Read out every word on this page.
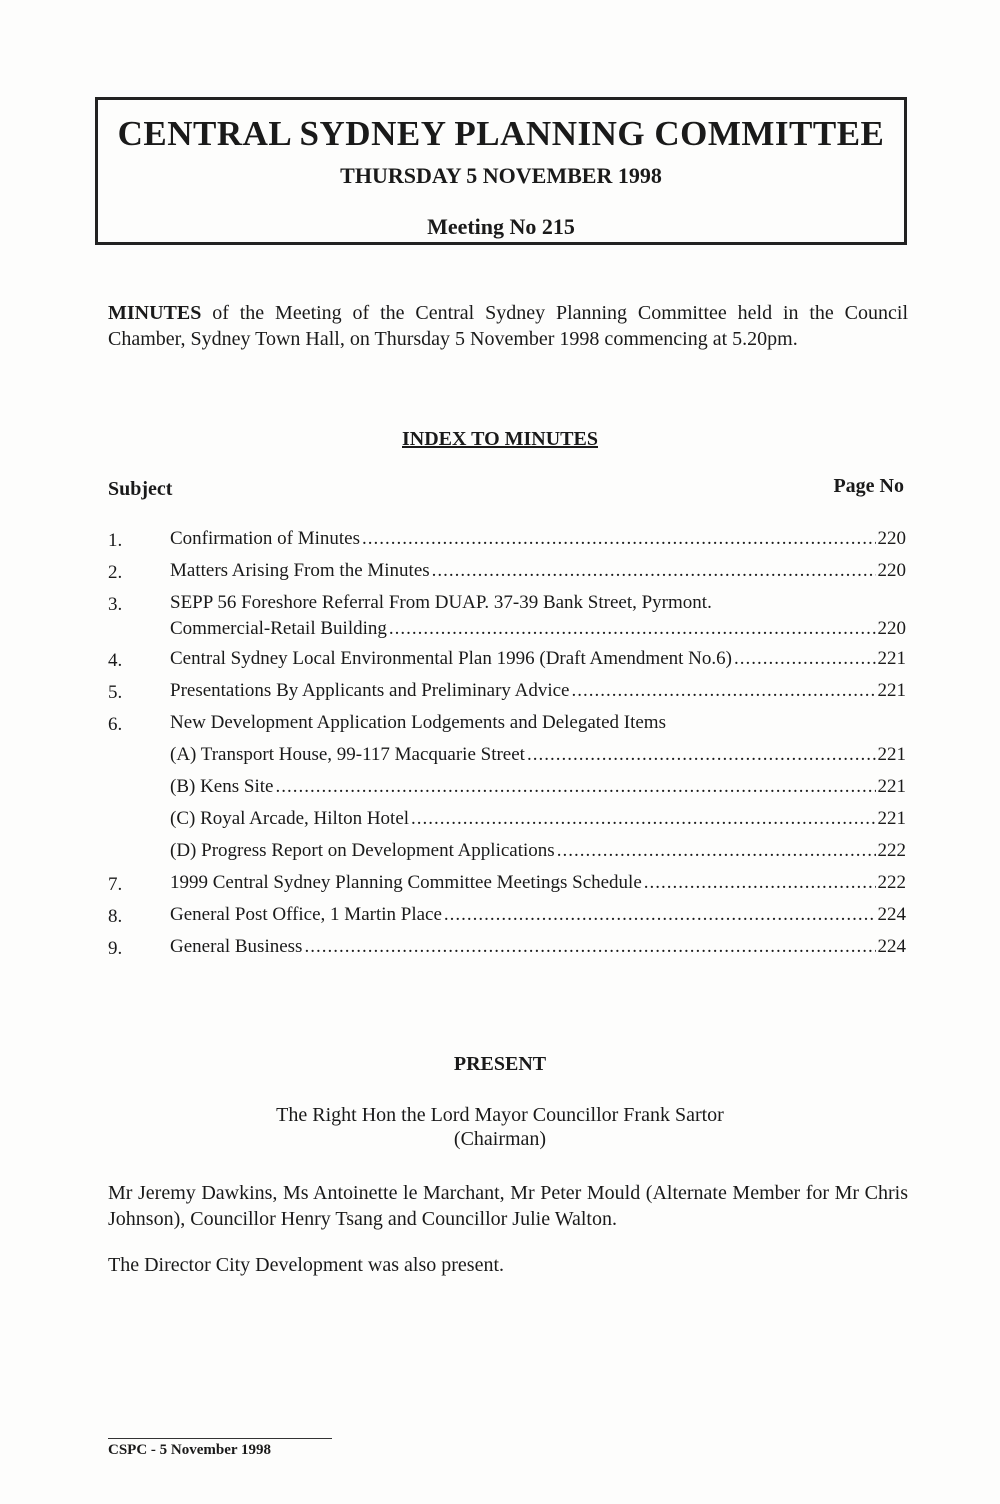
CENTRAL SYDNEY PLANNING COMMITTEE
THURSDAY 5 NOVEMBER 1998
Meeting No 215
MINUTES of the Meeting of the Central Sydney Planning Committee held in the Council Chamber, Sydney Town Hall, on Thursday 5 November 1998 commencing at 5.20pm.
INDEX TO MINUTES
Subject	Page No
1.	Confirmation of Minutes .....	220
2.	Matters Arising From the Minutes .....	220
3.	SEPP 56 Foreshore Referral From DUAP. 37-39 Bank Street, Pyrmont.
Commercial-Retail Building .....	220
4.	Central Sydney Local Environmental Plan 1996 (Draft Amendment No.6) .....	221
5.	Presentations By Applicants and Preliminary Advice .....	221
6.	New Development Application Lodgements and Delegated Items
(A) Transport House, 99-117 Macquarie Street .....	221
(B) Kens Site .....	221
(C) Royal Arcade, Hilton Hotel .....	221
(D) Progress Report on Development Applications .....	222
7.	1999 Central Sydney Planning Committee Meetings Schedule .....	222
8.	General Post Office, 1 Martin Place .....	224
9.	General Business .....	224
PRESENT
The Right Hon the Lord Mayor Councillor Frank Sartor
(Chairman)
Mr Jeremy Dawkins, Ms Antoinette le Marchant, Mr Peter Mould (Alternate Member for Mr Chris Johnson), Councillor Henry Tsang and Councillor Julie Walton.
The Director City Development was also present.
CSPC - 5 November 1998
